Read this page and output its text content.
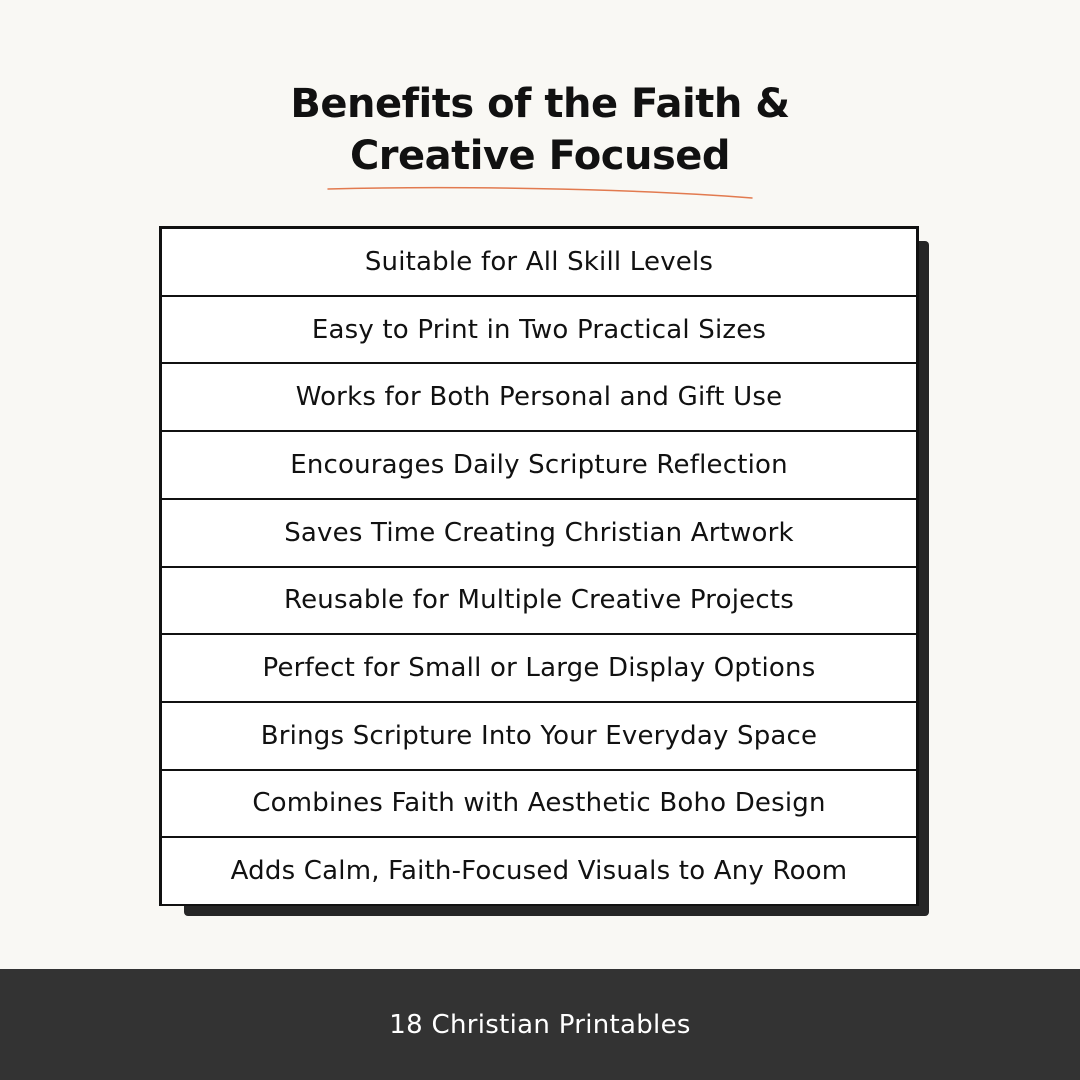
Benefits of the Faith &
Creative Focused
Suitable for All Skill Levels
Easy to Print in Two Practical Sizes
Works for Both Personal and Gift Use
Encourages Daily Scripture Reflection
Saves Time Creating Christian Artwork
Reusable for Multiple Creative Projects
Perfect for Small or Large Display Options
Brings Scripture Into Your Everyday Space
Combines Faith with Aesthetic Boho Design
Adds Calm, Faith-Focused Visuals to Any Room
18 Christian Printables
